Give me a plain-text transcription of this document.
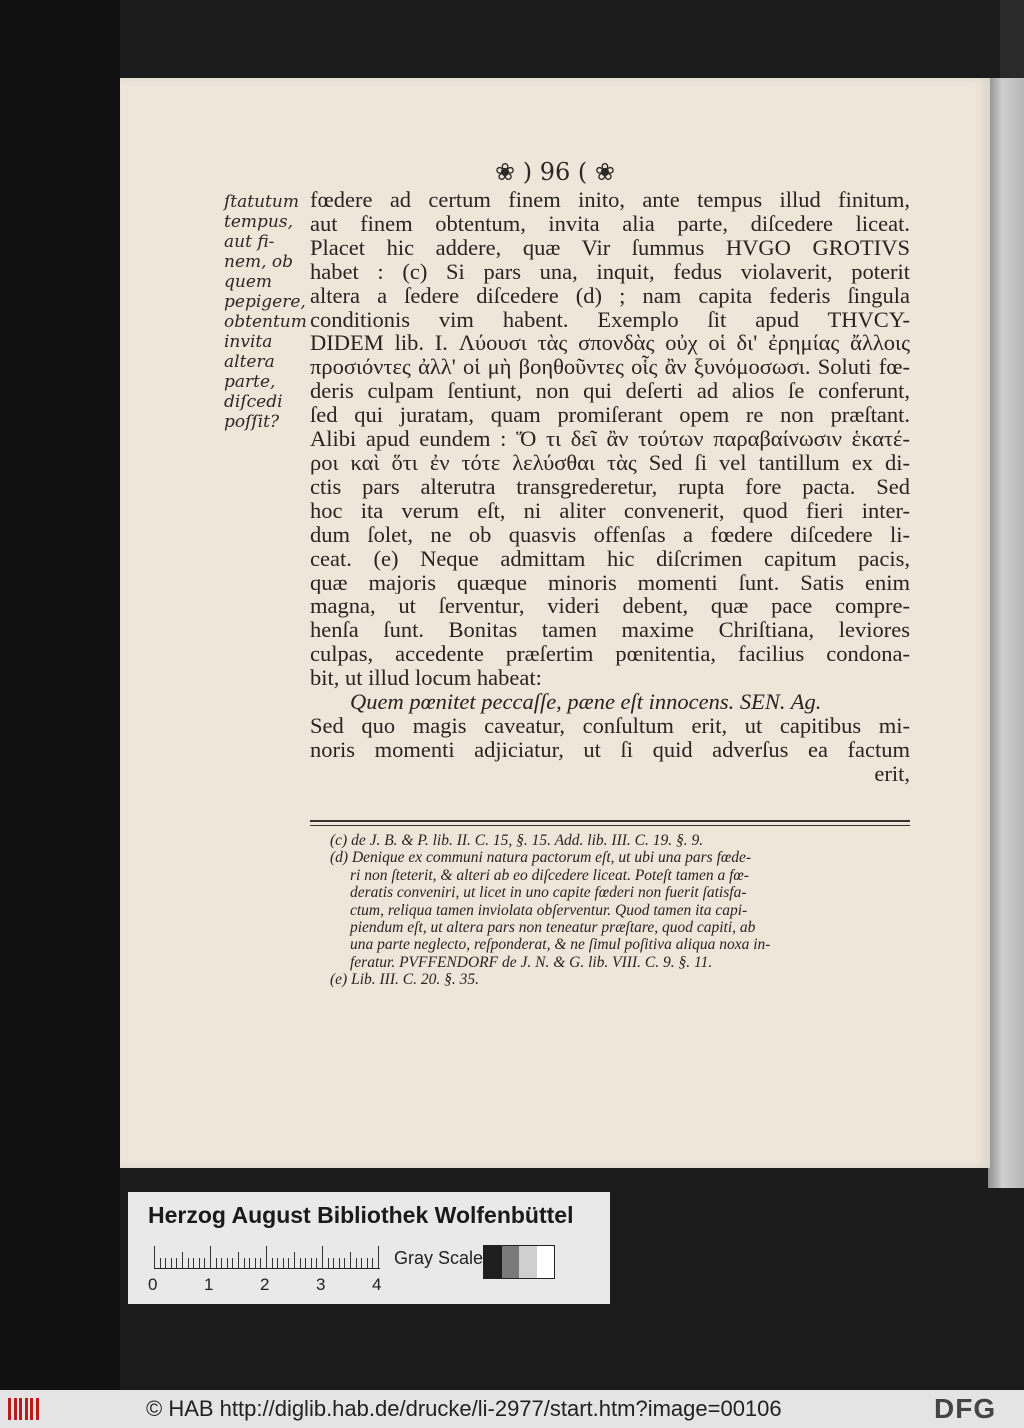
❀ ) 96 ( ❀
ſtatutum
tempus,
aut fi-
nem, ob
quem
pepigere,
obtentum
invita
altera
parte,
diſcedi
poſſit?
fœdere ad certum finem inito, ante tempus illud finitum,
aut finem obtentum, invita alia parte, diſcedere liceat.
Placet hic addere, quæ Vir ſummus HVGO GROTIVS
habet : (c) Si pars una, inquit, fedus violaverit, poterit
altera a ſedere diſcedere (d) ; nam capita federis ſingula
conditionis vim habent. Exemplo ſit apud THVCY-
DIDEM lib. I. Λύουσι τὰς σπονδὰς οὐχ οἱ δι' ἐρημίας ἄλλοις
προσιόντες ἀλλ' οἱ μὴ βοηθοῦντες οἷς ἂν ξυνόμοσωσι. Soluti fœ-
deris culpam ſentiunt, non qui deſerti ad alios ſe conferunt,
ſed qui juratam, quam promiſerant opem re non præſtant.
Alibi apud eundem : Ὅ τι δεῖ ἂν τούτων παραβαίνωσιν ἑκατέ-
ροι καὶ ὅτι ἐν τότε λελύσθαι τὰς Sed ſi vel tantillum ex di-
ctis pars alterutra transgrederetur, rupta fore pacta. Sed
hoc ita verum eſt, ni aliter convenerit, quod fieri inter-
dum ſolet, ne ob quasvis offenſas a fœdere diſcedere li-
ceat. (e) Neque admittam hic diſcrimen capitum pacis,
quæ majoris quæque minoris momenti ſunt. Satis enim
magna, ut ſerventur, videri debent, quæ pace compre-
henſa ſunt. Bonitas tamen maxime Chriſtiana, leviores
culpas, accedente præſertim pœnitentia, facilius condona-
bit, ut illud locum habeat:
Quem pœnitet peccaſſe, pæne eſt innocens. SEN. Ag.
Sed quo magis caveatur, conſultum erit, ut capitibus mi-
noris momenti adjiciatur, ut ſi quid adverſus ea factum
erit,
(c) de J. B. & P. lib. II. C. 15, §. 15. Add. lib. III. C. 19. §. 9.
(d) Denique ex communi natura pactorum eſt, ut ubi una pars fœde-
ri non ſteterit, & alteri ab eo diſcedere liceat. Poteſt tamen a fœ-
deratis conveniri, ut licet in uno capite fœderi non fuerit ſatisfa-
ctum, reliqua tamen inviolata obſerventur. Quod tamen ita capi-
piendum eſt, ut altera pars non teneatur præſtare, quod capiti, ab
una parte neglecto, reſponderat, & ne ſimul poſitiva aliqua noxa in-
feratur. PVFFENDORF de J. N. & G. lib. VIII. C. 9. §. 11.
(e) Lib. III. C. 20. §. 35.
Herzog August Bibliothek Wolfenbüttel
0	1	2	3	4
Gray Scale
© HAB http://diglib.hab.de/drucke/li-2977/start.htm?image=00106	DFG
